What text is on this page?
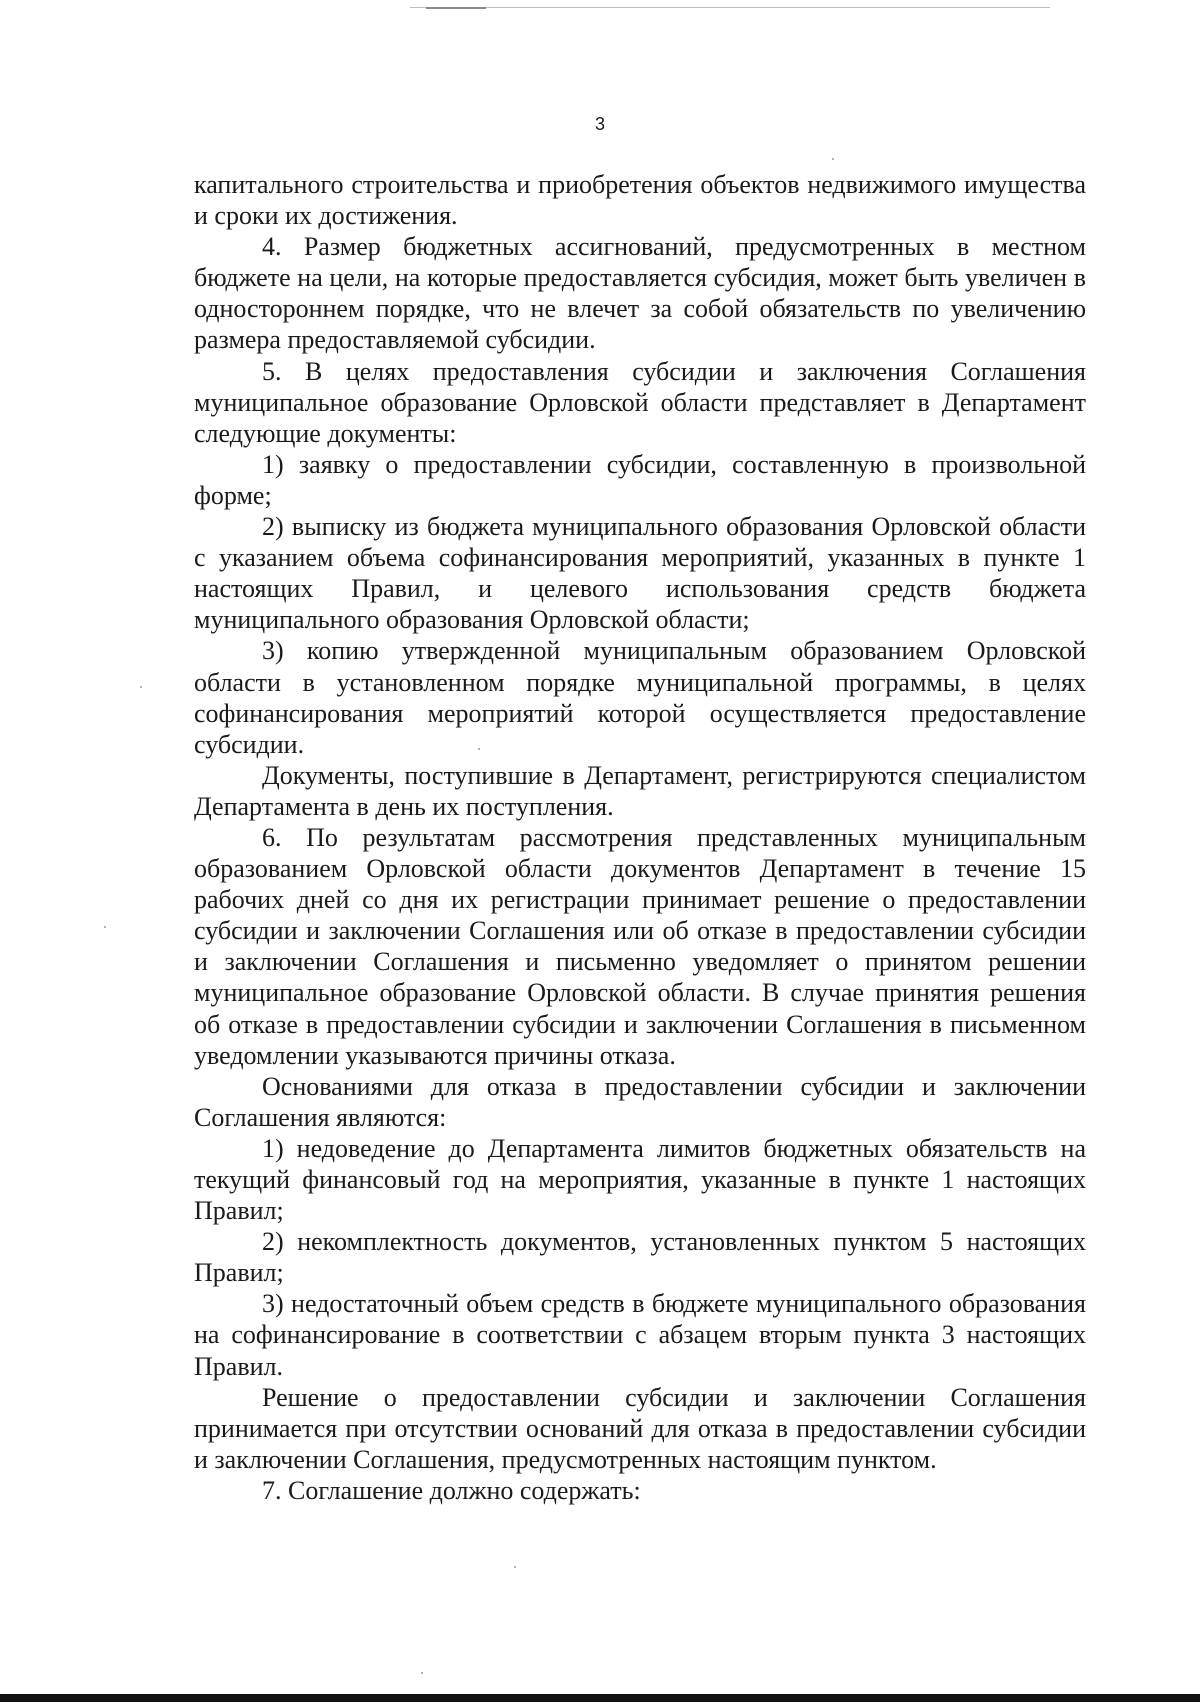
3

капитального строительства и приобретения объектов недвижимого имущества и сроки их достижения.

4. Размер бюджетных ассигнований, предусмотренных в местном бюджете на цели, на которые предоставляется субсидия, может быть увеличен в одностороннем порядке, что не влечет за собой обязательств по увеличению размера предоставляемой субсидии.

5. В целях предоставления субсидии и заключения Соглашения муниципальное образование Орловской области представляет в Департамент следующие документы:

1) заявку о предоставлении субсидии, составленную в произвольной форме;

2) выписку из бюджета муниципального образования Орловской области с указанием объема софинансирования мероприятий, указанных в пункте 1 настоящих Правил, и целевого использования средств бюджета муниципального образования Орловской области;

3) копию утвержденной муниципальным образованием Орловской области в установленном порядке муниципальной программы, в целях софинансирования мероприятий которой осуществляется предоставление субсидии.

Документы, поступившие в Департамент, регистрируются специалистом Департамента в день их поступления.

6. По результатам рассмотрения представленных муниципальным образованием Орловской области документов Департамент в течение 15 рабочих дней со дня их регистрации принимает решение о предоставлении субсидии и заключении Соглашения или об отказе в предоставлении субсидии и заключении Соглашения и письменно уведомляет о принятом решении муниципальное образование Орловской области. В случае принятия решения об отказе в предоставлении субсидии и заключении Соглашения в письменном уведомлении указываются причины отказа.

Основаниями для отказа в предоставлении субсидии и заключении Соглашения являются:

1) недоведение до Департамента лимитов бюджетных обязательств на текущий финансовый год на мероприятия, указанные в пункте 1 настоящих Правил;

2) некомплектность документов, установленных пунктом 5 настоящих Правил;

3) недостаточный объем средств в бюджете муниципального образования на софинансирование в соответствии с абзацем вторым пункта 3 настоящих Правил.

Решение о предоставлении субсидии и заключении Соглашения принимается при отсутствии оснований для отказа в предоставлении субсидии и заключении Соглашения, предусмотренных настоящим пунктом.

7. Соглашение должно содержать:
